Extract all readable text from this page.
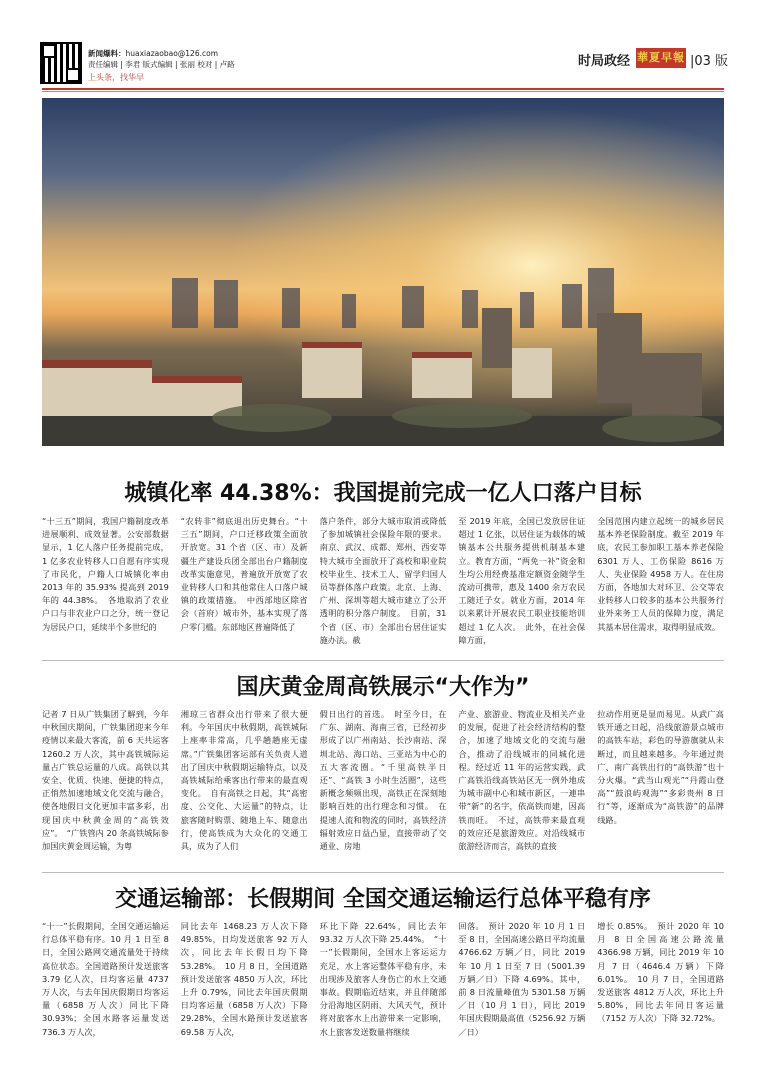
新闻爆料：huaxiazaobao@126.com
责任编辑 | 李君 版式编辑 | 张丽 校对 | 卢路
上头条，找华早
时局政经 華夏早報 |03 版
城镇化率 44.38%：我国提前完成一亿人口落户目标
“十三五”期间，我国户籍制度改革进展顺利、成效显著。公安部数据显示，1 亿人落户任务提前完成，1 亿多农业转移人口自愿有序实现了市民化，户籍人口城镇化率由 2013 年的 35.93% 提高到 2019 年的 44.38%。　各地取消了农业户口与非农业户口之分，统一登记为居民户口，延续半个多世纪的
“农转非”彻底退出历史舞台。“十三五”期间，户口迁移政策全面放开放宽。31 个省（区、市）及新疆生产建设兵团全部出台户籍制度改革实施意见，普遍放开放宽了农业转移人口和其他常住人口落户城镇的政策措施。　中西部地区除省会（首府）城市外，基本实现了落户零门槛。东部地区普遍降低了
落户条件，部分大城市取消或降低了参加城镇社会保险年限的要求。南京、武汉、成都、郑州、西安等特大城市全面放开了高校和职业院校毕业生、技术工人、留学归国人员等群体落户政策。北京、上海、广州、深圳等超大城市建立了公开透明的积分落户制度。　目前，31 个省（区、市）全部出台居住证实施办法。截
至 2019 年底，全国已发放居住证超过 1 亿张，以居住证为载体的城镇基本公共服务提供机制基本建立。教育方面，“两免一补”资金和生均公用经费基准定额资金随学生流动可携带，惠及 1400 余万农民工随迁子女。就业方面，2014 年以来累计开展农民工职业技能培训超过 1 亿人次。　此外，在社会保障方面，
全国范围内建立起统一的城乡居民基本养老保险制度。截至 2019 年底，农民工参加职工基本养老保险 6301 万人、工伤保险 8616 万人、失业保险 4958 万人。在住房方面，各地加大对环卫、公交等农业转移人口较多的基本公共服务行业外来务工人员的保障力度，满足其基本居住需求，取得明显成效。
国庆黄金周高铁展示“大作为”
记者 7 日从广铁集团了解到，今年中秋国庆期间，广铁集团迎来今年疫情以来最大客流，前 6 天共运客 1260.2 万人次，其中高铁城际运量占广铁总运量的八成。高铁以其安全、优质、快速、便捷的特点，正悄然加速地域文化交流与融合，使各地假日文化更加丰富多彩，出现国庆中秋黄金周的“高铁效应”。　“广铁管内 20 条高铁城际参加国庆黄金周运输，为粤
湘琼三省群众出行带来了很大便利。今年国庆中秋假期，高铁城际上座率非常高，几乎趟趟座无虚席。”广铁集团客运部有关负责人道出了国庆中秋假期运输特点，以及高铁城际给乘客出行带来的最直观变化。　自有高铁之日起，其“高密度、公交化、大运量”的特点，让旅客随时购票、随地上车、随意出行，使高铁成为大众化的交通工具，成为了人们
假日出行的首选。　时至今日，在广东、湖南、海南三省，已经初步形成了以广州南站、长沙南站、深圳北站、海口站、三亚站为中心的五大客流圈。“千里高铁半日还”、“高铁 3 小时生活圈”，这些新概念频频出现，高铁正在深刻地影响百姓的出行理念和习惯。　在提速人流和物流的同时，高铁经济辐射效应日益凸显，直接带动了交通业、房地
产业、旅游业、物流业及相关产业的发展，促进了社会经济结构的整合，加速了地域文化的交流与融合，推动了沿线城市的同城化进程。经过近 11 年的运营实践，武广高铁沿线高铁站区无一例外地成为城市副中心和城市新区，一連串带“新”的名字，依高铁而建，因高铁而旺。　不过，高铁带来最直观的效应还是旅游效应。对沿线城市旅游经济而言，高铁的直接
拉动作用更是显而易见。从武广高铁开通之日起，沿线旅游景点城市的高铁车站，彩色的导游旗就从未断过，而且越来越多。今年通过贵广、南广高铁出行的“高铁游”也十分火爆。“武当山观光”“丹霞山登高”“鼓浪屿观海”“多彩贵州 8 日行”等，逐渐成为“高铁游”的品牌线路。
交通运输部：长假期间 全国交通运输运行总体平稳有序
“十一”长假期间，全国交通运输运行总体平稳有序。10 月 1 日至 8 日，全国公路网交通流量处于持续高位状态。全国道路预计发送旅客 3.79 亿人次，日均客运量 4737 万人次，与去年国庆假期日均客运量（6858 万人次）同比下降 30.93%；全国水路客运量发送 736.3 万人次，
同比去年 1468.23 万人次下降 49.85%，日均发送旅客 92 万人次，同比去年长假日均下降 53.28%。　10 月 8 日，全国道路预计发送旅客 4850 万人次，环比上升 0.79%，同比去年国庆假期日均客运量（6858 万人次）下降 29.28%，全国水路预计发送旅客 69.58 万人次，
环比下降 22.64%，同比去年 93.32 万人次下降 25.44%。　“十一”长假期间，全国水上客运运力充足，水上客运整体平稳有序，未出现涉及旅客人身伤亡的水上交通事故。假期临近结束，并且伴随部分沿海地区阴雨、大风天气，预计将对旅客水上出游带来一定影响，水上旅客发送数量将继续
回落。　预计 2020 年 10 月 1 日至 8 日，全国高速公路日平均流量 4766.62 万辆／日，同比 2019 年 10 月 1 日至 7 日（5001.39 万辆／日）下降 4.69%。其中，前 8 日流量峰值为 5301.58 万辆／日（10 月 1 日），同比 2019 年国庆假期最高值（5256.92 万辆／日）
增长 0.85%。　预计 2020 年 10 月 8 日全国高速公路流量 4366.98 万辆，同比 2019 年 10 月 7 日（4646.4 万辆）下降 6.01%。　10 月 7 日，全国道路发送旅客 4812 万人次，环比上升 5.80%，同比去年同日客运量（7152 万人次）下降 32.72%。
